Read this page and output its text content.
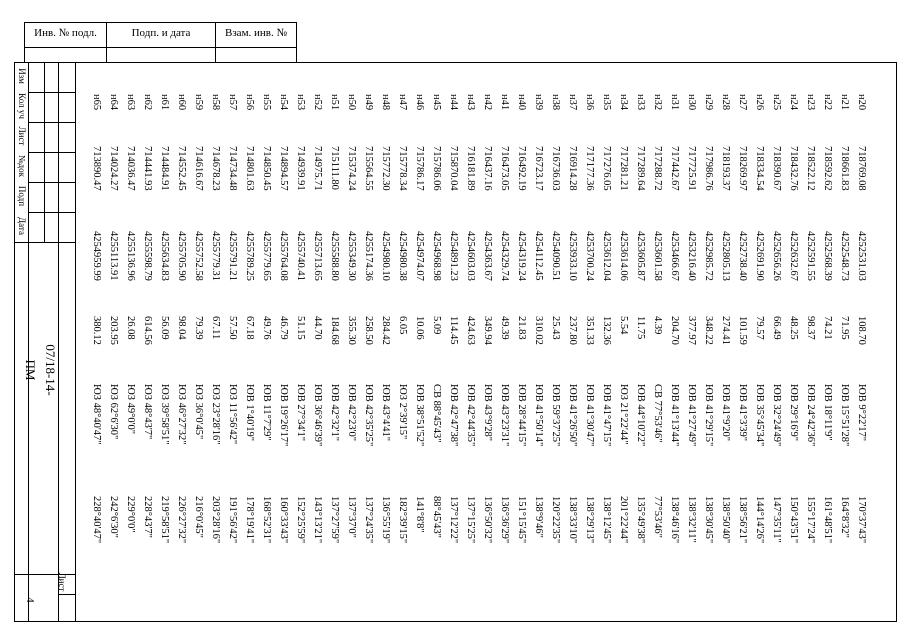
Инв. № подл.	Подп. и дата	Взам. инв. №
Изм
Кол уч
Лист
№док
Подп
Дата
07/18-14-ПМ
Лист
4
н65
713890.47
4254959.99
380.12
ЮЗ 48°40'47"
228°40'47"
н64
714024.27
4255113.91
203.95
ЮЗ 62°6'30"
242°6'30"
н63
714036.47
4255136.96
26.08
ЮЗ 49°0'0"
229°0'0"
н62
714441.93
4255598.79
614.56
ЮЗ 48°43'7"
228°43'7"
н61
714484.91
4255634.83
56.09
ЮЗ 39°58'51"
219°58'51"
н60
714552.45
4255705.90
98.04
ЮЗ 46°27'32"
226°27'32"
н59
714616.67
4255752.58
79.39
ЮЗ 36°0'45"
216°0'45"
н58
714678.23
4255779.31
67.11
ЮЗ 23°28'16"
203°28'16"
н57
714734.48
4255791.21
57.50
ЮЗ 11°56'42"
191°56'42"
н56
714801.63
4255789.25
67.18
ЮВ 1°40'19"
178°19'41"
н55
714850.45
4255779.65
49.76
ЮВ 11°7'29"
168°52'31"
н54
714894.57
4255764.08
46.79
ЮВ 19°26'17"
160°33'43"
н53
714939.91
4255740.41
51.15
ЮВ 27°34'1"
152°25'59"
н52
714975.71
4255713.65
44.70
ЮВ 36°46'39"
143°13'21"
н51
715111.80
4255588.80
184.68
ЮВ 42°32'1"
137°27'59"
н50
715374.24
4255349.30
355.30
ЮВ 42°23'0"
137°37'0"
н49
715564.55
4255174.36
258.50
ЮВ 42°35'25"
137°24'35"
н48
715772.30
4254980.10
284.42
ЮВ 43°4'41"
136°55'19"
н47
715778.34
4254980.38
6.05
ЮЗ 2°39'15"
182°39'15"
н46
715786.17
4254974.07
10.06
ЮВ 38°51'52"
141°8'8"
н45
715786.06
4254968.98
5.09
СВ 88°45'43"
88°45'43"
н44
715870.04
4254891.23
114.45
ЮВ 42°47'38"
137°12'22"
н43
716181.89
4254603.03
424.63
ЮВ 42°44'35"
137°15'25"
н42
716437.16
4254363.67
349.94
ЮВ 43°9'28"
136°50'32"
н41
716473.05
4254329.74
49.39
ЮВ 43°23'31"
136°36'29"
н40
716492.19
4254319.24
21.83
ЮВ 28°44'15"
151°15'45"
н39
716723.17
4254112.45
310.02
ЮВ 41°50'14"
138°9'46"
н38
716736.03
4254090.51
25.43
ЮВ 59°37'25"
120°22'35"
н37
716914.28
4253933.10
237.80
ЮВ 41°26'50"
138°33'10"
н36
717177.36
4253700.24
351.33
ЮВ 41°30'47"
138°29'13"
н35
717276.05
4253612.04
132.36
ЮВ 41°47'15"
138°12'45"
н34
717281.21
4253614.06
5.54
ЮЗ 21°22'44"
201°22'44"
н33
717289.64
4253605.87
11.75
ЮВ 44°10'22"
135°49'38"
н32
717288.72
4253601.58
4.39
СВ 77°53'46"
77°53'46"
н31
717442.67
4253466.67
204.70
ЮВ 41°13'44"
138°46'16"
н30
717725.91
4253216.40
377.97
ЮВ 41°27'49"
138°32'11"
н29
717986.76
4252985.72
348.22
ЮВ 41°29'15"
138°30'45"
н28
718193.37
4252805.13
274.41
ЮВ 41°9'20"
138°50'40"
н27
718269.97
4252738.40
101.59
ЮВ 41°3'39"
138°56'21"
н26
718334.54
4252691.90
79.57
ЮВ 35°45'34"
144°14'26"
н25
718390.67
4252656.26
66.49
ЮВ 32°24'49"
147°35'11"
н24
718432.76
4252632.67
48.25
ЮВ 29°16'9"
150°43'51"
н23
718522.12
4252591.55
98.37
ЮВ 24°42'36"
155°17'24"
н22
718592.62
4252568.39
74.21
ЮВ 18°11'9"
161°48'51"
н21
718661.83
4252548.73
71.95
ЮВ 15°51'28"
164°8'32"
н20
718769.08
4252531.03
108.70
ЮВ 9°22'17"
170°37'43"
